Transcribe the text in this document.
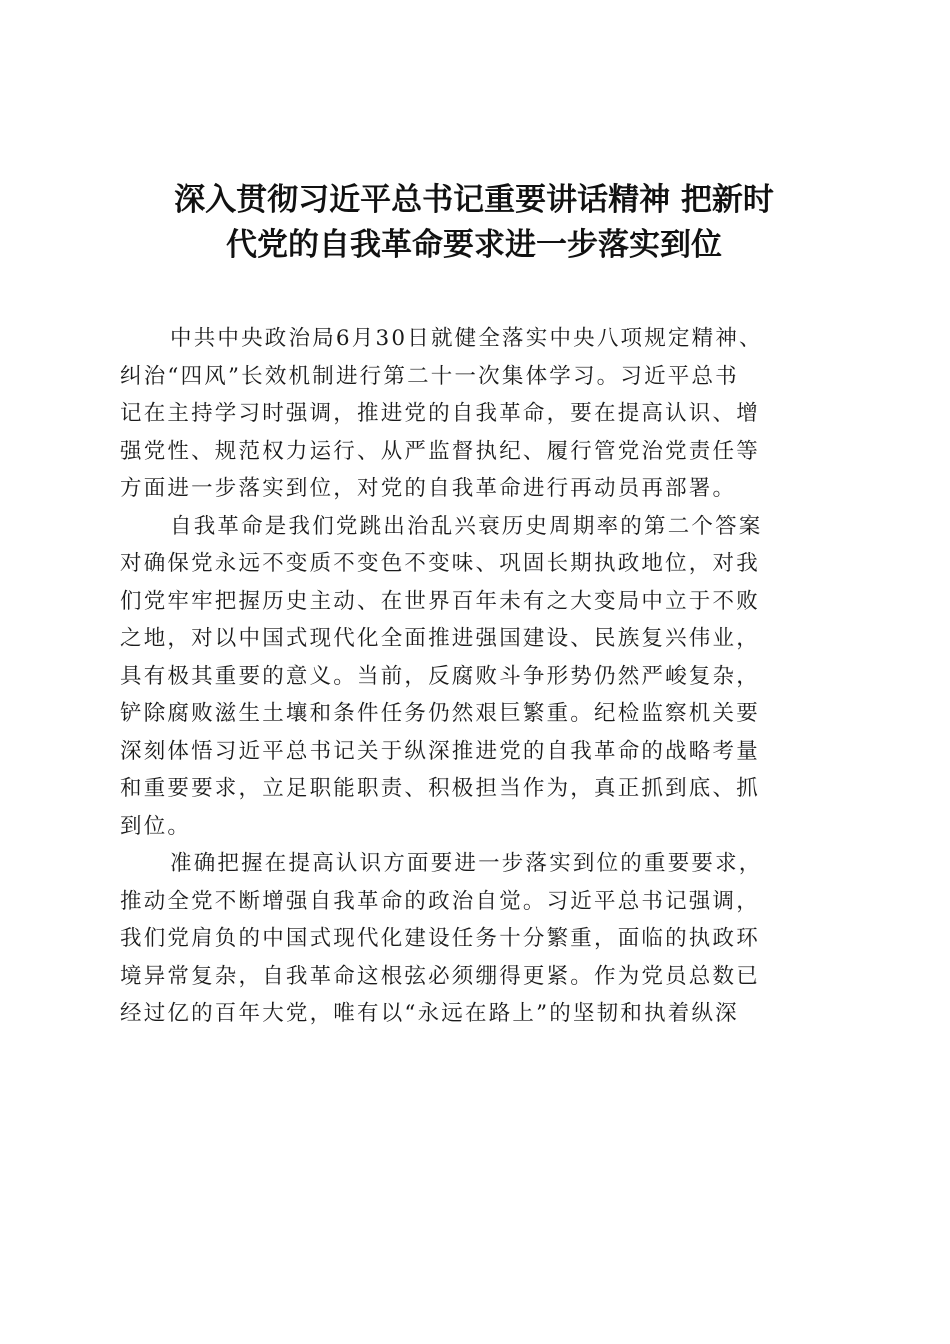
深入贯彻习近平总书记重要讲话精神 把新时
代党的自我革命要求进一步落实到位

中共中央政治局6月30日就健全落实中央八项规定精神、
纠治“四风”长效机制进行第二十一次集体学习。习近平总书
记在主持学习时强调，推进党的自我革命，要在提高认识、增
强党性、规范权力运行、从严监督执纪、履行管党治党责任等
方面进一步落实到位，对党的自我革命进行再动员再部署。

自我革命是我们党跳出治乱兴衰历史周期率的第二个答案
对确保党永远不变质不变色不变味、巩固长期执政地位，对我
们党牢牢把握历史主动、在世界百年未有之大变局中立于不败
之地，对以中国式现代化全面推进强国建设、民族复兴伟业，
具有极其重要的意义。当前，反腐败斗争形势仍然严峻复杂，
铲除腐败滋生土壤和条件任务仍然艰巨繁重。纪检监察机关要
深刻体悟习近平总书记关于纵深推进党的自我革命的战略考量
和重要要求，立足职能职责、积极担当作为，真正抓到底、抓
到位。

准确把握在提高认识方面要进一步落实到位的重要要求，
推动全党不断增强自我革命的政治自觉。习近平总书记强调，
我们党肩负的中国式现代化建设任务十分繁重，面临的执政环
境异常复杂，自我革命这根弦必须绷得更紧。作为党员总数已
经过亿的百年大党，唯有以“永远在路上”的坚韧和执着纵深
